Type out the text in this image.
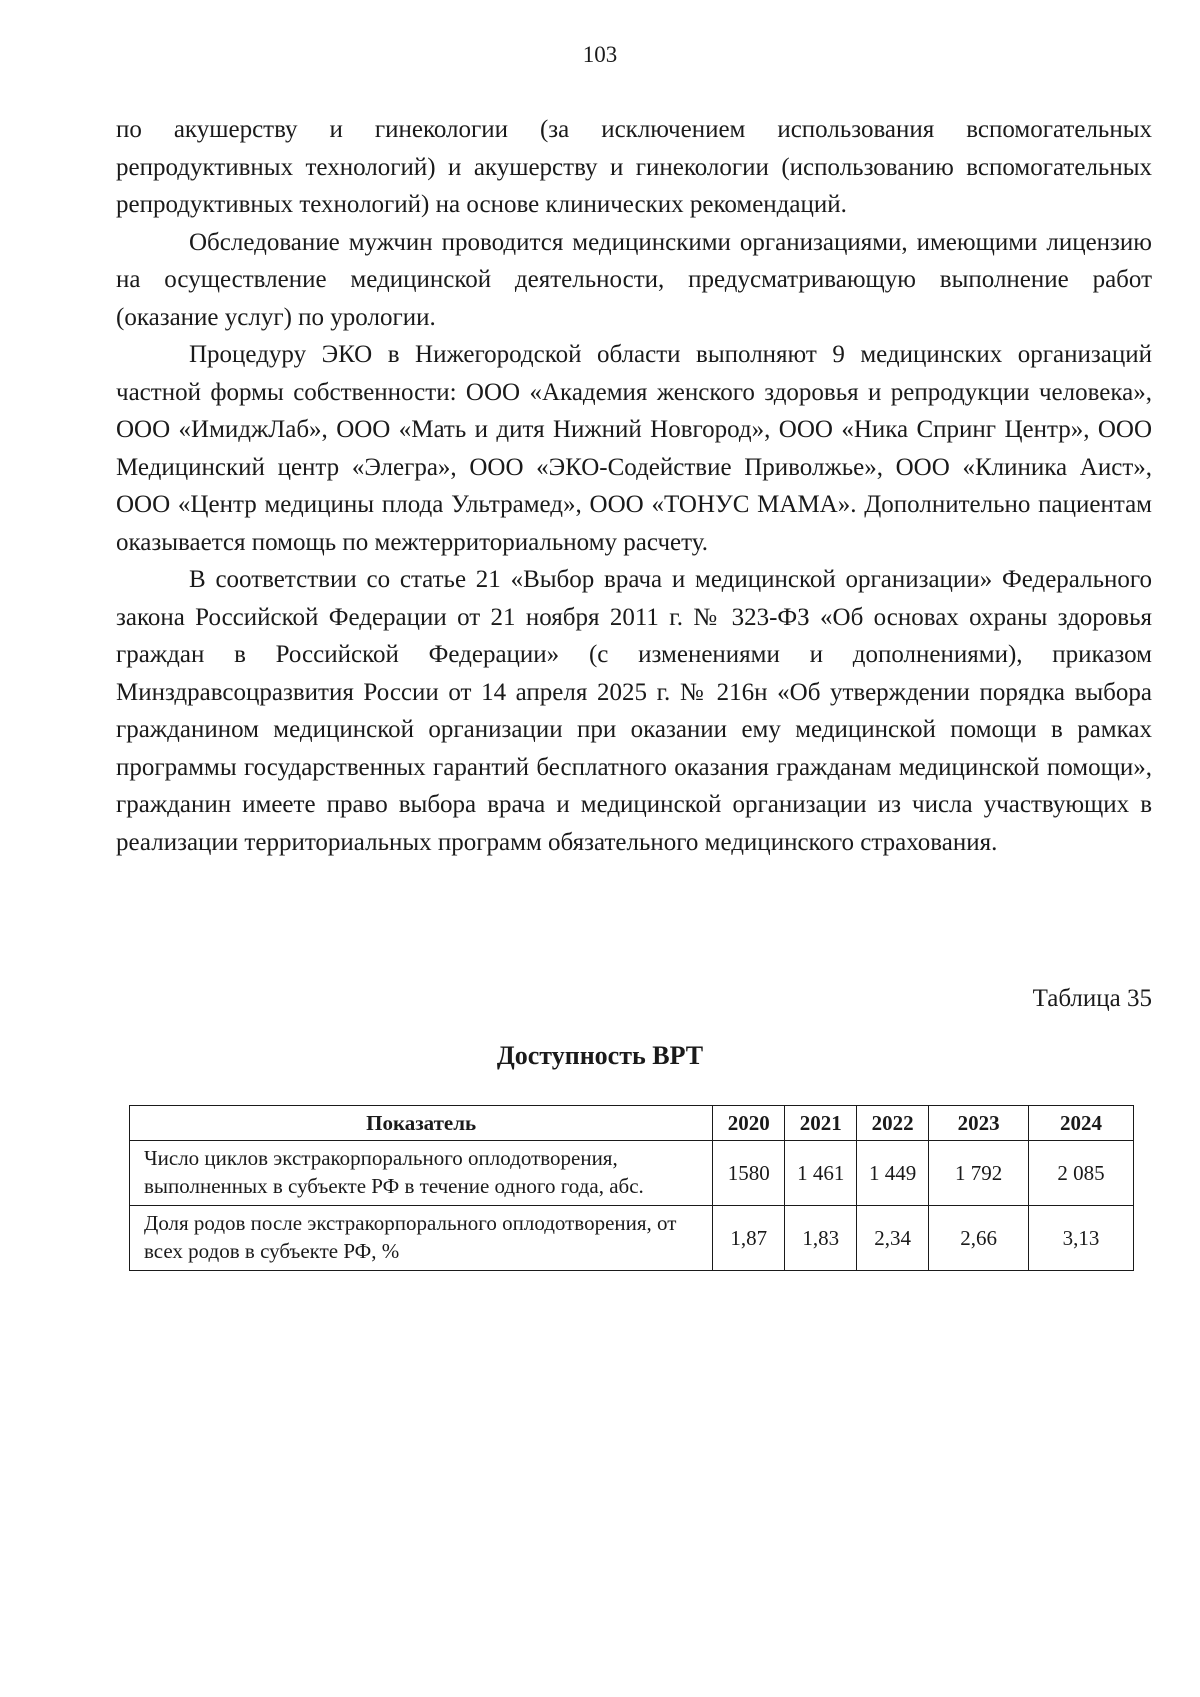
103

по акушерству и гинекологии (за исключением использования вспомогательных репродуктивных технологий) и акушерству и гинекологии (использованию вспомогательных репродуктивных технологий) на основе клинических рекомендаций.

Обследование мужчин проводится медицинскими организациями, имеющими лицензию на осуществление медицинской деятельности, предусматривающую выполнение работ (оказание услуг) по урологии.

Процедуру ЭКО в Нижегородской области выполняют 9 медицинских организаций частной формы собственности: ООО «Академия женского здоровья и репродукции человека», ООО «ИмиджЛаб», ООО «Мать и дитя Нижний Новгород», ООО «Ника Спринг Центр», ООО Медицинский центр «Элегра», ООО «ЭКО-Содействие Приволжье», ООО «Клиника Аист», ООО «Центр медицины плода Ультрамед», ООО «ТОНУС МАМА». Дополнительно пациентам оказывается помощь по межтерриториальному расчету.

В соответствии со статье 21 «Выбор врача и медицинской организации» Федерального закона Российской Федерации от 21 ноября 2011 г. № 323-ФЗ «Об основах охраны здоровья граждан в Российской Федерации» (с изменениями и дополнениями), приказом Минздравсоцразвития России от 14 апреля 2025 г. № 216н «Об утверждении порядка выбора гражданином медицинской организации при оказании ему медицинской помощи в рамках программы государственных гарантий бесплатного оказания гражданам медицинской помощи», гражданин имеете право выбора врача и медицинской организации из числа участвующих в реализации территориальных программ обязательного медицинского страхования.

Таблица 35
Доступность ВРТ
Показатель	2020	2021	2022	2023	2024
Число циклов экстракорпорального оплодотворения, выполненных в субъекте РФ в течение одного года, абс.	1580	1 461	1 449	1 792	2 085
Доля родов после экстракорпорального оплодотворения, от всех родов в субъекте РФ, %	1,87	1,83	2,34	2,66	3,13
